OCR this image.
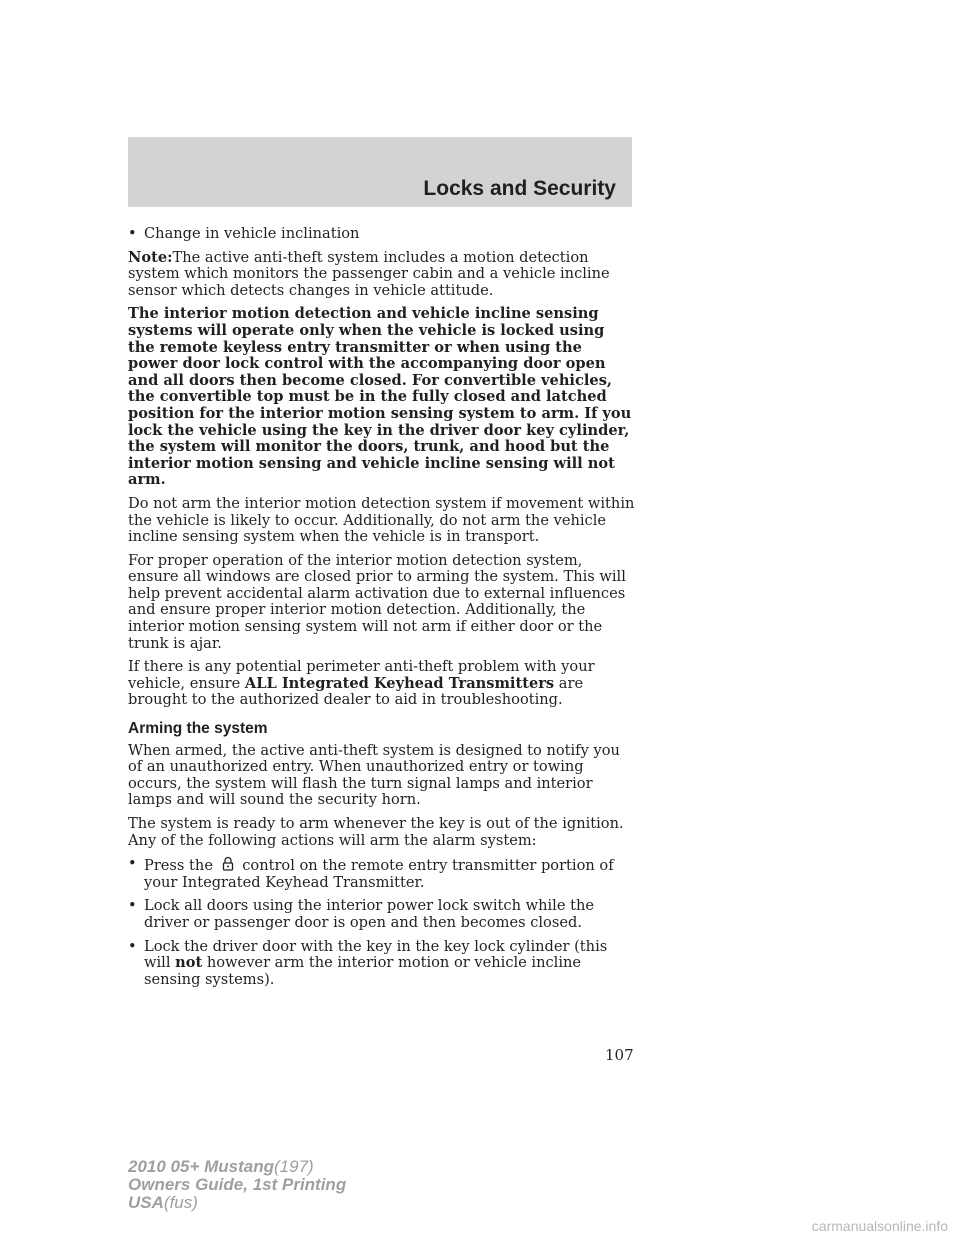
Locks and Security
• Change in vehicle inclination

Note:The active anti-theft system includes a motion detection system which monitors the passenger cabin and a vehicle incline sensor which detects changes in vehicle attitude.

The interior motion detection and vehicle incline sensing systems will operate only when the vehicle is locked using the remote keyless entry transmitter or when using the power door lock control with the accompanying door open and all doors then become closed. For convertible vehicles, the convertible top must be in the fully closed and latched position for the interior motion sensing system to arm. If you lock the vehicle using the key in the driver door key cylinder, the system will monitor the doors, trunk, and hood but the interior motion sensing and vehicle incline sensing will not arm.

Do not arm the interior motion detection system if movement within the vehicle is likely to occur. Additionally, do not arm the vehicle incline sensing system when the vehicle is in transport.

For proper operation of the interior motion detection system, ensure all windows are closed prior to arming the system. This will help prevent accidental alarm activation due to external influences and ensure proper interior motion detection. Additionally, the interior motion sensing system will not arm if either door or the trunk is ajar.

If there is any potential perimeter anti-theft problem with your vehicle, ensure ALL Integrated Keyhead Transmitters are brought to the authorized dealer to aid in troubleshooting.

Arming the system

When armed, the active anti-theft system is designed to notify you of an unauthorized entry. When unauthorized entry or towing occurs, the system will flash the turn signal lamps and interior lamps and will sound the security horn.

The system is ready to arm whenever the key is out of the ignition. Any of the following actions will arm the alarm system:

• Press the control on the remote entry transmitter portion of your Integrated Keyhead Transmitter.
• Lock all doors using the interior power lock switch while the driver or passenger door is open and then becomes closed.
• Lock the driver door with the key in the key lock cylinder (this will not however arm the interior motion or vehicle incline sensing systems).
107
2010 05+ Mustang(197)
Owners Guide, 1st Printing
USA(fus)
carmanualsonline.info
